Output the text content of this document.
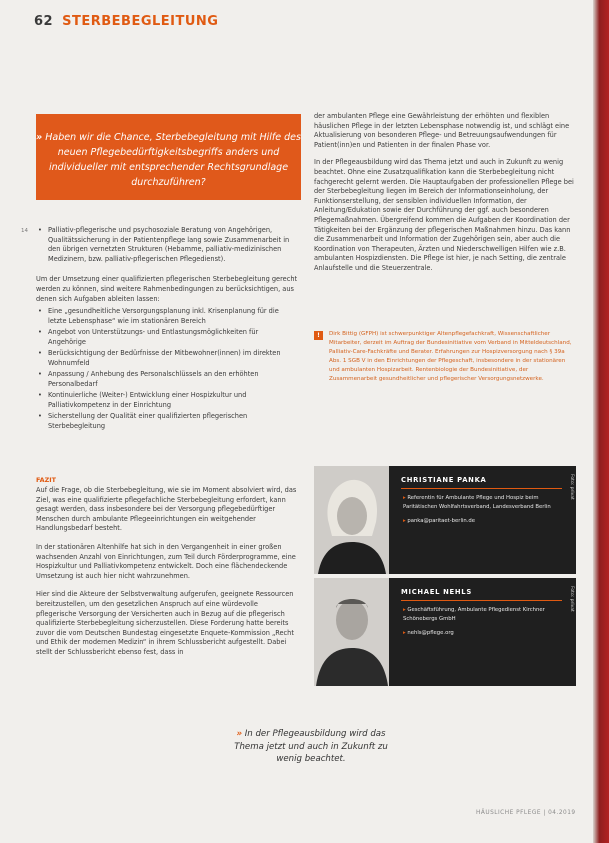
62 STERBEBEGLEITUNG
» Haben wir die Chance, Sterbebegleitung mit Hilfe des neuen Pflegebedürftigkeitsbegriffs anders und individueller mit entsprechender Rechtsgrundlage durchzuführen?
14
•	Palliativ-pflegerische und psychosoziale Beratung von Angehörigen, Qualitätssicherung in der Patientenpflege lang sowie Zusammenarbeit in den übrigen vernetzten Strukturen (Hebamme, palliativ-medizinischen Medizinern, bzw. palliativ-pflegerischen Pflegedienst).

Um der Umsetzung einer qualifizierten pflegerischen Sterbebegleitung gerecht werden zu können, sind weitere Rahmenbedingungen zu berücksichtigen, aus denen sich Aufgaben ableiten lassen:

• Eine „gesundheitliche Versorgungsplanung inkl. Krisenplanung für die letzte Lebensphase“ wie im stationären Bereich
• Angebot von Unterstützungs- und Entlastungsmöglichkeiten für Angehörige
• Berücksichtigung der Bedürfnisse der Mitbewohner(innen) im direkten Wohnumfeld
• Anpassung / Anhebung des Personalschlüssels an den erhöhten Personalbedarf
• Kontinuierliche (Weiter-) Entwicklung einer Hospizkultur und Palliativkompetenz in der Einrichtung
• Sicherstellung der Qualität einer qualifizierten pflegerischen Sterbebegleitung
FAZIT

Auf die Frage, ob die Sterbebegleitung, wie sie im Moment absolviert wird, das Ziel, was eine qualifizierte pflegefachliche Sterbebegleitung erfordert, kann gesagt werden, dass insbesondere bei der Versorgung pflegebedürftiger Menschen durch ambulante Pflegeeinrichtungen ein weitgehender Handlungsbedarf besteht.

In der stationären Altenhilfe hat sich in den Vergangenheit in einer großen wachsenden Anzahl von Einrichtungen, zum Teil durch Förderprogramme, eine Hospizkultur und Palliativkompetenz entwickelt. Doch eine flächendeckende Umsetzung ist auch hier nicht wahrzunehmen.

Hier sind die Akteure der Selbstverwaltung aufgerufen, geeignete Ressourcen bereitzustellen, um den gesetzlichen Anspruch auf eine würdevolle pflegerische Versorgung der Versicherten auch in Bezug auf die pflegerisch qualifizierte Sterbebegleitung sicherzustellen. Diese Forderung hatte bereits zuvor die vom Deutschen Bundestag eingesetzte Enquete-Kommission „Recht und Ethik der modernen Medizin“ in ihrem Schlussbericht aufgestellt. Dabei stellt der Schlussbericht ebenso fest, dass in

der ambulanten Pflege eine Gewährleistung der erhöhten und flexiblen häuslichen Pflege in der letzten Lebensphase notwendig ist, und schlägt eine Aktualisierung von besonderen Pflege- und Betreuungsaufwendungen für Patient(inn)en und Patienten in der finalen Phase vor.

In der Pflegeausbildung wird das Thema jetzt und auch in Zukunft zu wenig beachtet. Ohne eine Zusatzqualifikation kann die Sterbebegleitung nicht fachgerecht gelernt werden. Die Hauptaufgaben der professionellen Pflege bei der Sterbebegleitung liegen im Bereich der Informationseinholung, der Funktionserstellung, der sensiblen individuellen Information, der Anleitung/Edukation sowie der Durchführung der ggf. auch besonderen Pflegemaßnahmen. Übergreifend kommen die Aufgaben der Koordination der Tätigkeiten bei der Ergänzung der pflegerischen Maßnahmen hinzu. Das kann die Zusammenarbeit und Information der Zugehörigen sein, aber auch die Koordination von Therapeuten, Ärzten und Niederschwelligen Hilfen wie z.B. ambulanten Hospizdiensten. Die Pflege ist hier, je nach Setting, die zentrale Anlaufstelle und die Steuerzentrale.

!	Dirk Bittig (GFPH) ist schwerpunktiger Altenpflegefachkraft, Wissenschaftlicher Mitarbeiter, derzeit im Auftrag der Bundesinitiative vom Verband in Mitteldeutschland, Palliativ-Care-Fachkräfte und Berater. Erfahrungen zur Hospizversorgung nach § 39a Abs. 1 SGB V in den Einrichtungen der Pflegeschaft, insbesondere in der stationären und ambulanten Hospizarbeit. Rentenbiologie der Bundesinitiative, der Zusammenarbeit gesundheitlicher und pflegerischer Versorgungsnetzwerke.
CHRISTIANE PANKA

▸ Referentin für Ambulante Pflege und Hospiz beim Paritätischen Wohlfahrtsverband, Landesverband Berlin

▸ panka@paritaet-berlin.de

Foto: privat
MICHAEL NEHLS

▸ Geschäftsführung, Ambulante Pflegedienst Kirchner Schönebergs GmbH

▸ nehls@pflege.org

Foto: privat
» In der Pflegeausbildung wird das Thema jetzt und auch in Zukunft zu wenig beachtet.
HÄUSLICHE PFLEGE | 04.2019
